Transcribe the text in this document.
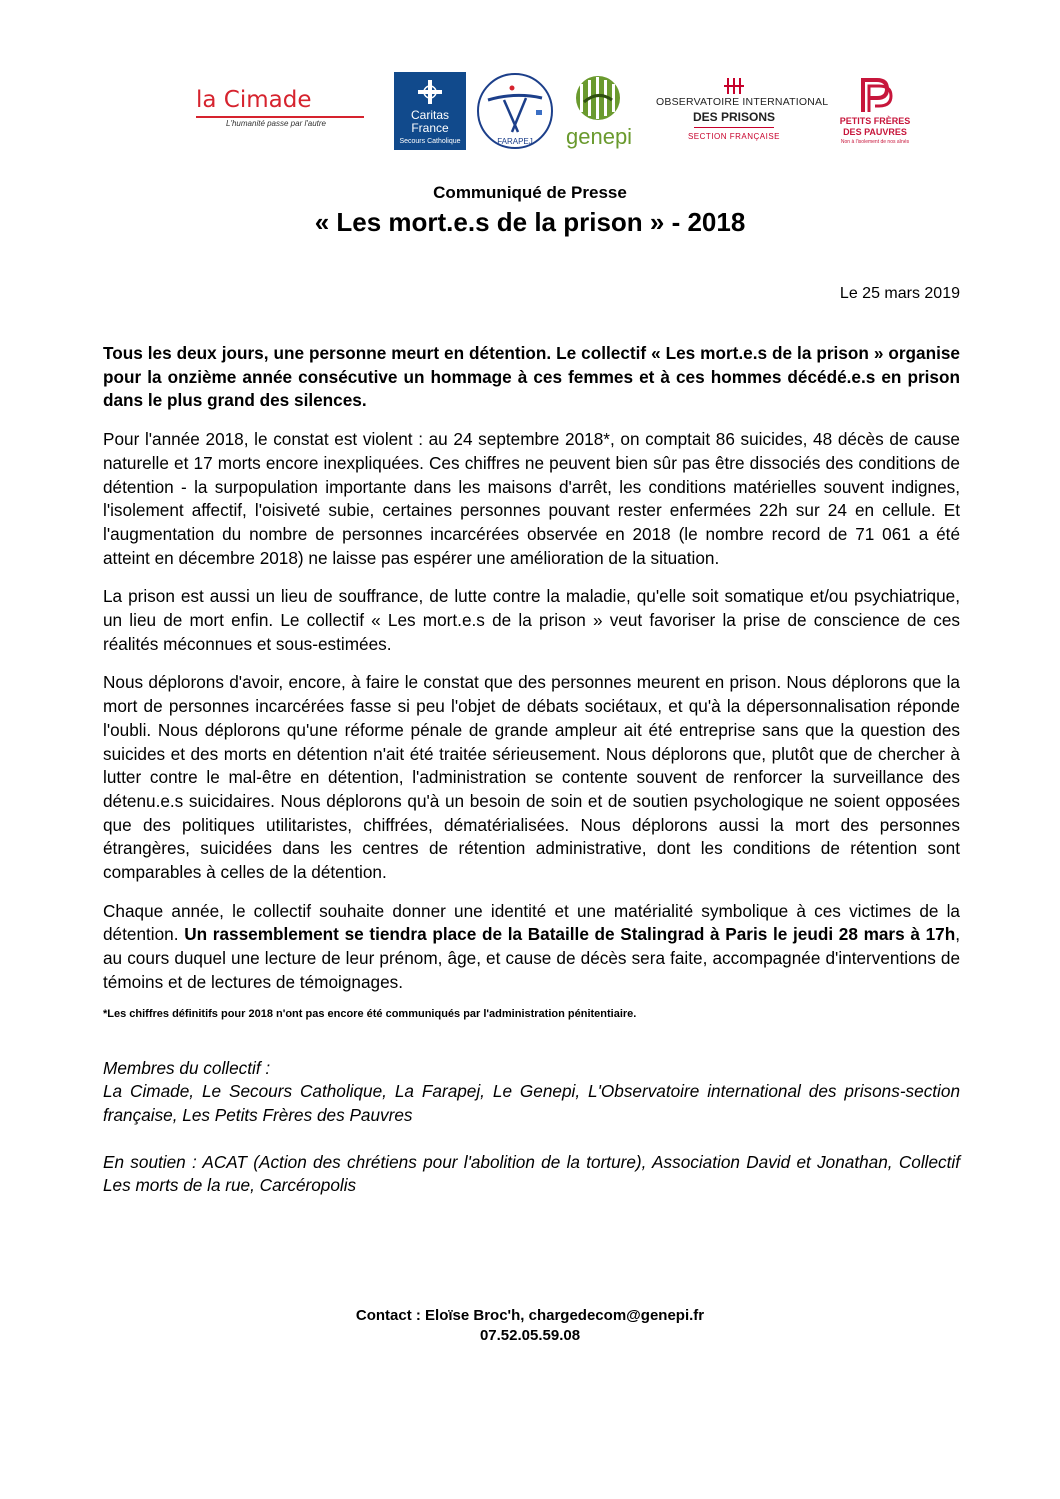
la Cimade
L'humanité passe par l'autre
Caritas
France
Secours Catholique	FARAPEJ genepi
OBSERVATOIRE INTERNATIONAL
DES PRISONS
SECTION FRANÇAISE
PETITS FRÈRES
DES PAUVRES
Non à l'isolement de nos aînés
Communiqué de Presse
« Les mort.e.s de la prison » - 2018
Le 25 mars 2019

Tous les deux jours, une personne meurt en détention. Le collectif « Les mort.e.s de la prison » organise pour la onzième année consécutive un hommage à ces femmes et à ces hommes décédé.e.s en prison dans le plus grand des silences.

Pour l'année 2018, le constat est violent : au 24 septembre 2018*, on comptait 86 suicides, 48 décès de cause naturelle et 17 morts encore inexpliquées. Ces chiffres ne peuvent bien sûr pas être dissociés des conditions de détention - la surpopulation importante dans les maisons d'arrêt, les conditions matérielles souvent indignes, l'isolement affectif, l'oisiveté subie, certaines personnes pouvant rester enfermées 22h sur 24 en cellule. Et l'augmentation du nombre de personnes incarcérées observée en 2018 (le nombre record de 71 061 a été atteint en décembre 2018) ne laisse pas espérer une amélioration de la situation.

La prison est aussi un lieu de souffrance, de lutte contre la maladie, qu'elle soit somatique et/ou psychiatrique, un lieu de mort enfin. Le collectif « Les mort.e.s de la prison » veut favoriser la prise de conscience de ces réalités méconnues et sous-estimées.

Nous déplorons d'avoir, encore, à faire le constat que des personnes meurent en prison. Nous déplorons que la mort de personnes incarcérées fasse si peu l'objet de débats sociétaux, et qu'à la dépersonnalisation réponde l'oubli. Nous déplorons qu'une réforme pénale de grande ampleur ait été entreprise sans que la question des suicides et des morts en détention n'ait été traitée sérieusement. Nous déplorons que, plutôt que de chercher à lutter contre le mal-être en détention, l'administration se contente souvent de renforcer la surveillance des détenu.e.s suicidaires. Nous déplorons qu'à un besoin de soin et de soutien psychologique ne soient opposées que des politiques utilitaristes, chiffrées, dématérialisées. Nous déplorons aussi la mort des personnes étrangères, suicidées dans les centres de rétention administrative, dont les conditions de rétention sont comparables à celles de la détention.

Chaque année, le collectif souhaite donner une identité et une matérialité symbolique à ces victimes de la détention. Un rassemblement se tiendra place de la Bataille de Stalingrad à Paris le jeudi 28 mars à 17h, au cours duquel une lecture de leur prénom, âge, et cause de décès sera faite, accompagnée d'interventions de témoins et de lectures de témoignages.

*Les chiffres définitifs pour 2018 n'ont pas encore été communiqués par l'administration pénitentiaire.

Membres du collectif :
La Cimade, Le Secours Catholique, La Farapej, Le Genepi, L'Observatoire international des prisons-section française, Les Petits Frères des Pauvres

En soutien : ACAT (Action des chrétiens pour l'abolition de la torture), Association David et Jonathan, Collectif Les morts de la rue, Carcéropolis

Contact : Eloïse Broc'h, chargedecom@genepi.fr
07.52.05.59.08
